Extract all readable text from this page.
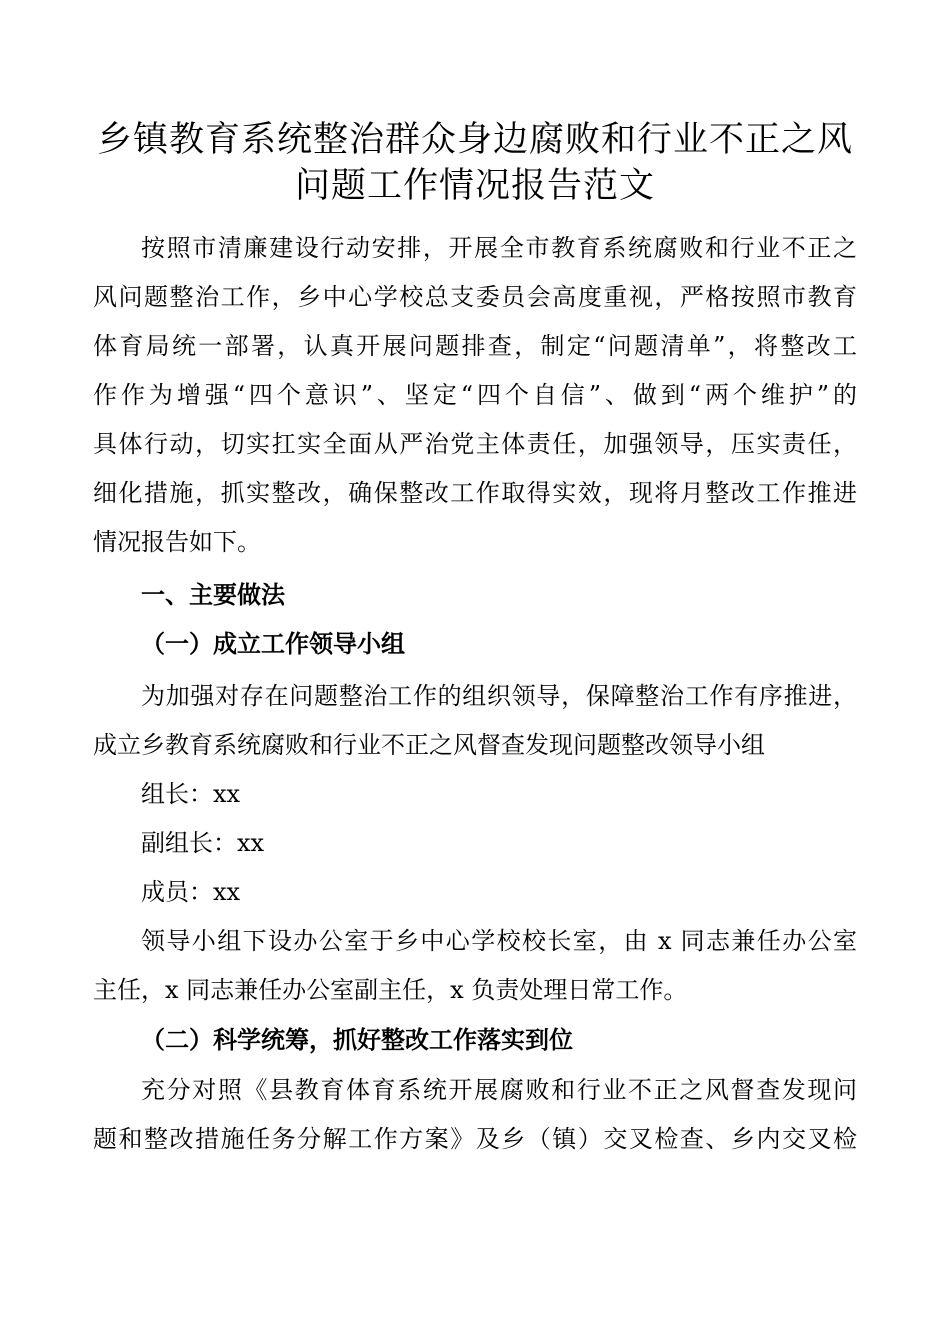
乡镇教育系统整治群众身边腐败和行业不正之风
问题工作情况报告范文

按照市清廉建设行动安排，开展全市教育系统腐败和行业不正之

风问题整治工作，乡中心学校总支委员会高度重视，严格按照市教育

体育局统一部署，认真开展问题排查，制定“问题清单”，将整改工

作作为增强“四个意识”、坚定“四个自信”、做到“两个维护”的

具体行动，切实扛实全面从严治党主体责任，加强领导，压实责任，

细化措施，抓实整改，确保整改工作取得实效，现将月整改工作推进

情况报告如下。

一、主要做法

（一）成立工作领导小组

为加强对存在问题整治工作的组织领导，保障整治工作有序推进，

成立乡教育系统腐败和行业不正之风督查发现问题整改领导小组

组长：xx

副组长：xx

成员：xx

领导小组下设办公室于乡中心学校校长室，由 x 同志兼任办公室

主任，x 同志兼任办公室副主任，x 负责处理日常工作。

（二）科学统筹，抓好整改工作落实到位

充分对照《县教育体育系统开展腐败和行业不正之风督查发现问

题和整改措施任务分解工作方案》及乡（镇）交叉检查、乡内交叉检
